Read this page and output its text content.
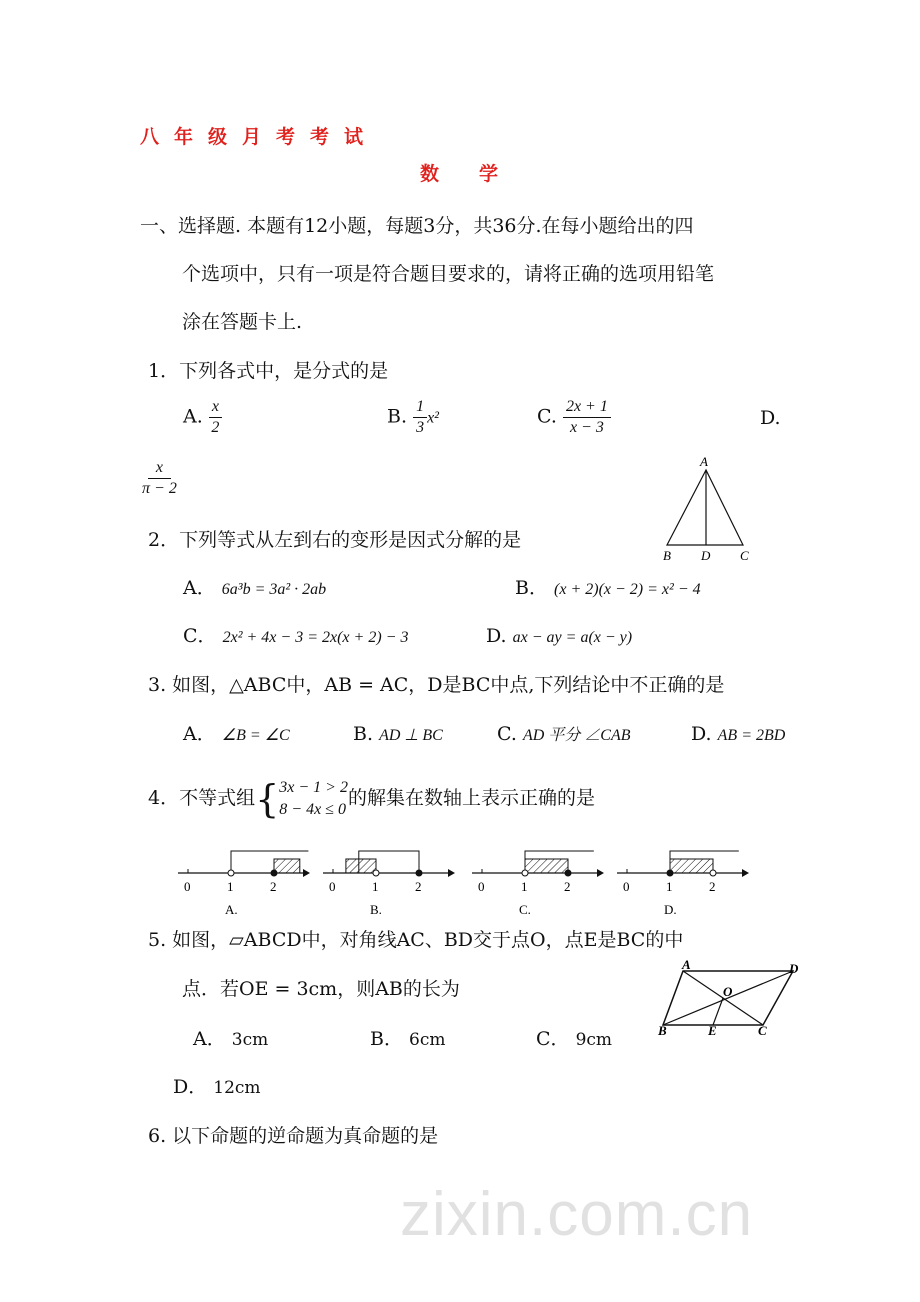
zixin.com.cn
八年级月考考试
数学
一、选择题. 本题有12小题，每题3分，共36分.在每小题给出的四
个选项中，只有一项是符合题目要求的，请将正确的选项用铅笔
涂在答题卡上.
1．下列各式中，是分式的是
A. $\frac{x}{2}$	B. $\frac{1}{3} x^2$	C. $\frac{2x + 1}{x - 3}$	D.
$\frac{x}{\pi - 2}$	A
B D C
2．下列等式从左到右的变形是因式分解的是
A． 6a³b = 3a² · 2ab	B． (x + 2)(x − 2) = x² − 4
C． 2x² + 4x − 3 = 2x(x + 2) − 3	D. ax − ay = a(x − y)
3. 如图，△ABC中，AB = AC，D是BC中点,下列结论中不正确的是
A． ∠B = ∠C	B. AD ⊥ BC	C. AD 平分 ∠CAB	D. AB = 2BD
4．不等式组 { 3x − 1 > 2
8 − 4x ≤ 0
的解集在数轴上表示正确的是
0	1	2
A.
0	1	2
B.
0	1	2
C.
0	1	2
D.
5. 如图，▱ABCD中，对角线AC、BD交于点O，点E是BC的中
点．若OE = 3cm，则AB的长为
A． 3cm	B． 6cm	C． 9cm
D． 12cm
A	D
O
B	E	C
6. 以下命题的逆命题为真命题的是
